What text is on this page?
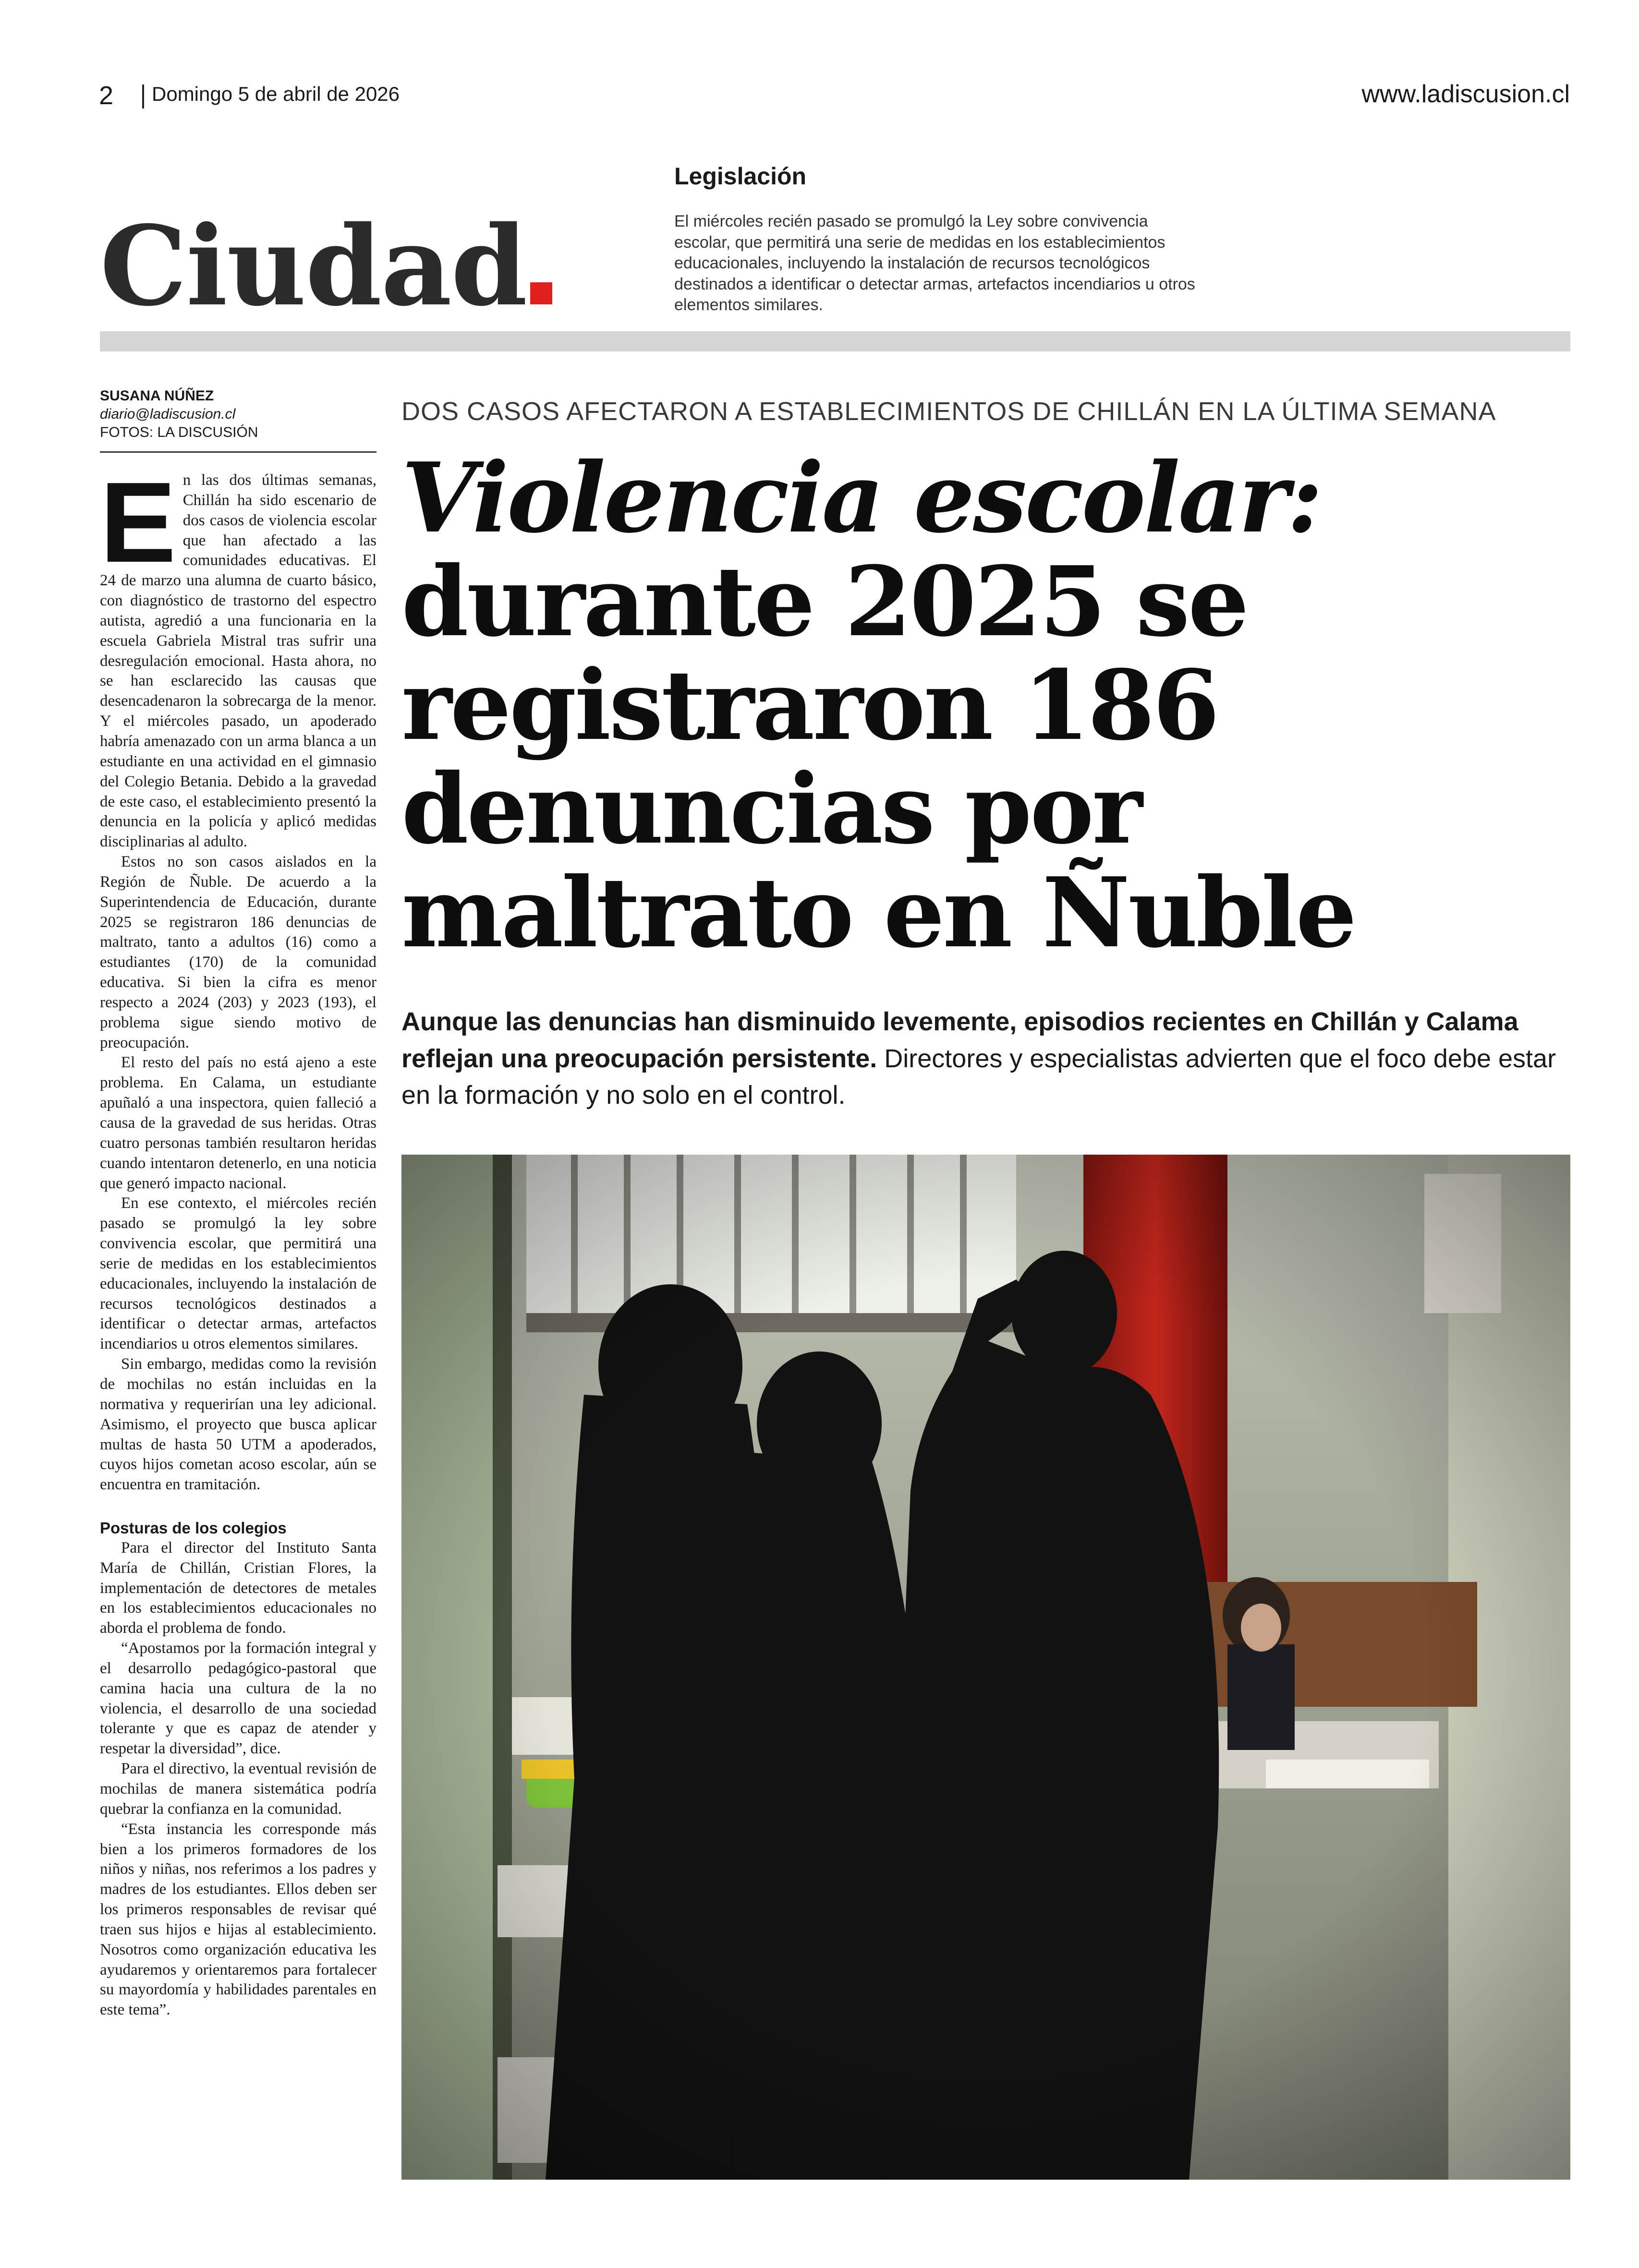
2 Domingo 5 de abril de 2026	www.ladiscusion.cl
Ciudad
Legislación
El miércoles recién pasado se promulgó la Ley sobre convivencia escolar, que permitirá una serie de medidas en los establecimientos educacionales, incluyendo la instalación de recursos tecnológicos destinados a identificar o detectar armas, artefactos incendiarios u otros elementos similares.
SUSANA NÚÑEZ
diario@ladiscusion.cl
FOTOS: LA DISCUSIÓN

En las dos últimas semanas, Chillán ha sido escenario de dos casos de violencia escolar que han afectado a las comunidades educativas. El 24 de marzo una alumna de cuarto básico, con diagnóstico de trastorno del espectro autista, agredió a una funcionaria en la escuela Gabriela Mistral tras sufrir una desregulación emocional. Hasta ahora, no se han esclarecido las causas que desencadenaron la sobrecarga de la menor. Y el miércoles pasado, un apoderado habría amenazado con un arma blanca a un estudiante en una actividad en el gimnasio del Colegio Betania. Debido a la gravedad de este caso, el establecimiento presentó la denuncia en la policía y aplicó medidas disciplinarias al adulto.

Estos no son casos aislados en la Región de Ñuble. De acuerdo a la Superintendencia de Educación, durante 2025 se registraron 186 denuncias de maltrato, tanto a adultos (16) como a estudiantes (170) de la comunidad educativa. Si bien la cifra es menor respecto a 2024 (203) y 2023 (193), el problema sigue siendo motivo de preocupación.

El resto del país no está ajeno a este problema. En Calama, un estudiante apuñaló a una inspectora, quien falleció a causa de la gravedad de sus heridas. Otras cuatro personas también resultaron heridas cuando intentaron detenerlo, en una noticia que generó impacto nacional.

En ese contexto, el miércoles recién pasado se promulgó la ley sobre convivencia escolar, que permitirá una serie de medidas en los establecimientos educacionales, incluyendo la instalación de recursos tecnológicos destinados a identificar o detectar armas, artefactos incendiarios u otros elementos similares.

Sin embargo, medidas como la revisión de mochilas no están incluidas en la normativa y requerirían una ley adicional. Asimismo, el proyecto que busca aplicar multas de hasta 50 UTM a apoderados, cuyos hijos cometan acoso escolar, aún se encuentra en tramitación.

Posturas de los colegios

Para el director del Instituto Santa María de Chillán, Cristian Flores, la implementación de detectores de metales en los establecimientos educacionales no aborda el problema de fondo.

“Apostamos por la formación integral y el desarrollo pedagógico-pastoral que camina hacia una cultura de la no violencia, el desarrollo de una sociedad tolerante y que es capaz de atender y respetar la diversidad”, dice.

Para el directivo, la eventual revisión de mochilas de manera sistemática podría quebrar la confianza en la comunidad.

“Esta instancia les corresponde más bien a los primeros formadores de los niños y niñas, nos referimos a los padres y madres de los estudiantes. Ellos deben ser los primeros responsables de revisar qué traen sus hijos e hijas al establecimiento. Nosotros como organización educativa les ayudaremos y orientaremos para fortalecer su mayordomía y habilidades parentales en este tema”.

DOS CASOS AFECTARON A ESTABLECIMIENTOS DE CHILLÁN EN LA ÚLTIMA SEMANA
Violencia escolar:
durante 2025 se registraron 186 denuncias por maltrato en Ñuble
Aunque las denuncias han disminuido levemente, episodios recientes en Chillán y Calama reflejan una preocupación persistente. Directores y especialistas advierten que el foco debe estar en la formación y no solo en el control.
